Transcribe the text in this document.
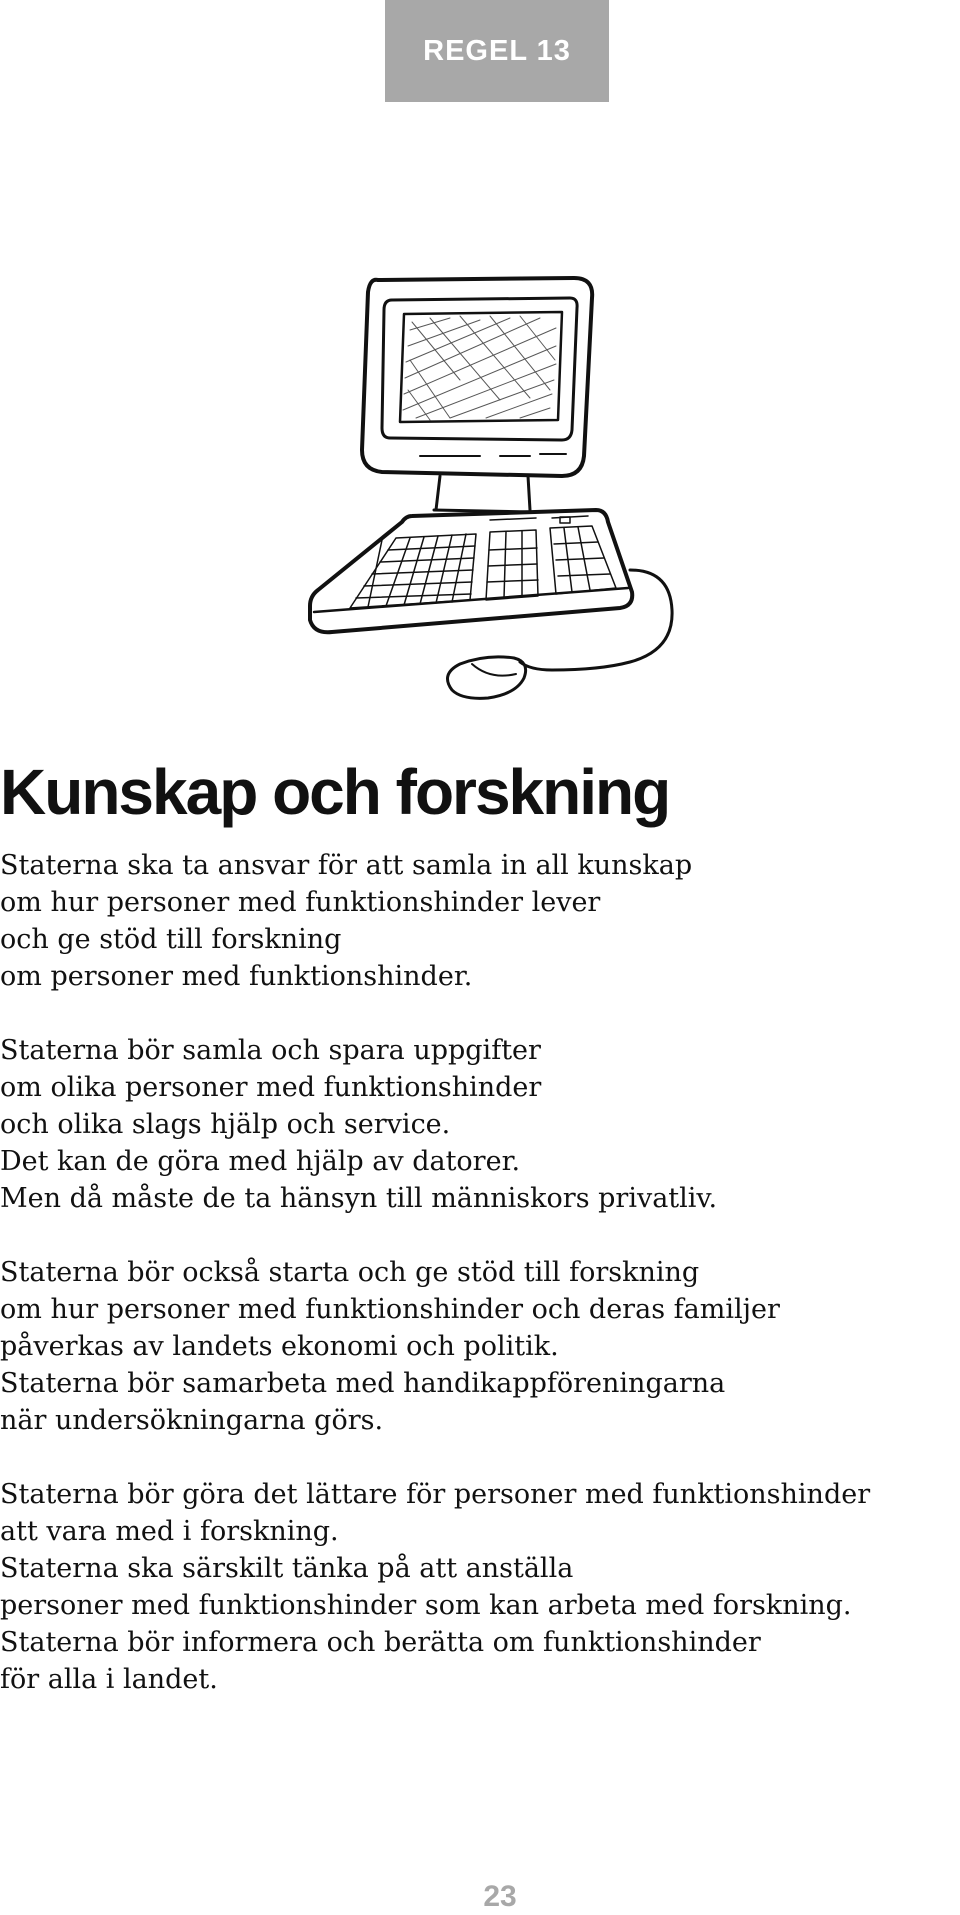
REGEL 13
Kunskap och forskning

Staterna ska ta ansvar för att samla in all kunskap
om hur personer med funktionshinder lever
och ge stöd till forskning
om personer med funktionshinder.

Staterna bör samla och spara uppgifter
om olika personer med funktionshinder
och olika slags hjälp och service.
Det kan de göra med hjälp av datorer.
Men då måste de ta hänsyn till människors privatliv.

Staterna bör också starta och ge stöd till forskning
om hur personer med funktionshinder och deras familjer
påverkas av landets ekonomi och politik.
Staterna bör samarbeta med handikappföreningarna
när undersökningarna görs.

Staterna bör göra det lättare för personer med funktionshinder
att vara med i forskning.
Staterna ska särskilt tänka på att anställa
personer med funktionshinder som kan arbeta med forskning.
Staterna bör informera och berätta om funktionshinder
för alla i landet.

23
